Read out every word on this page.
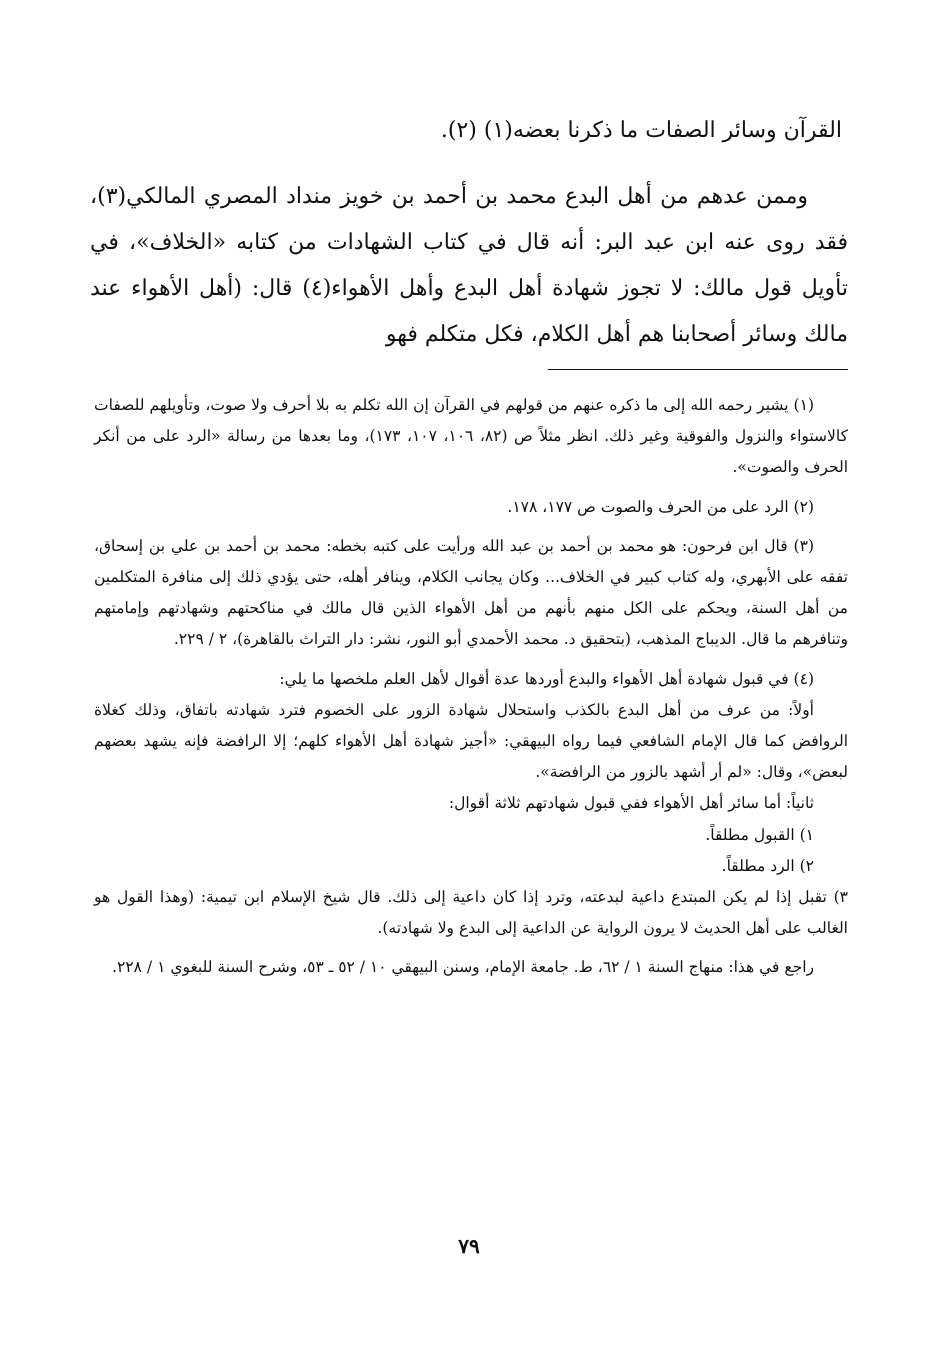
القرآن وسائر الصفات ما ذكرنا بعضه(١) (٢).

وممن عدهم من أهل البدع محمد بن أحمد بن خويز منداد المصري المالكي(٣)، فقد روى عنه ابن عبد البر: أنه قال في كتاب الشهادات من كتابه «الخلاف»، في تأويل قول مالك: لا تجوز شهادة أهل البدع وأهل الأهواء(٤) قال: (أهل الأهواء عند مالك وسائر أصحابنا هم أهل الكلام، فكل متكلم فهو

(١) يشير رحمه الله إلى ما ذكره عنهم من قولهم في القرآن إن الله تكلم به بلا أحرف ولا صوت، وتأويلهم للصفات كالاستواء والنزول والفوقية وغير ذلك. انظر مثلاً ص (٨٢، ١٠٦، ١٠٧، ١٧٣)، وما بعدها من رسالة «الرد على من أنكر الحرف والصوت».

(٢) الرد على من الحرف والصوت ص ١٧٧، ١٧٨.

(٣) قال ابن فرحون: هو محمد بن أحمد بن عبد الله ورأيت على كتبه بخطه: محمد بن أحمد بن علي بن إسحاق، تفقه على الأبهري، وله كتاب كبير في الخلاف... وكان يجانب الكلام، وينافر أهله، حتى يؤدي ذلك إلى منافرة المتكلمين من أهل السنة، ويحكم على الكل منهم بأنهم من أهل الأهواء الذين قال مالك في مناكحتهم وشهادتهم وإمامتهم وتنافرهم ما قال. الديباج المذهب، (بتحقيق د. محمد الأحمدي أبو النور، نشر: دار التراث بالقاهرة)، ٢ / ٢٢٩.

(٤) في قبول شهادة أهل الأهواء والبدع أوردها عدة أقوال لأهل العلم ملخصها ما يلي:

أولاً: من عرف من أهل البدع بالكذب واستحلال شهادة الزور على الخصوم فترد شهادته باتفاق، وذلك كغلاة الروافض كما قال الإمام الشافعي فيما رواه البيهقي: «أجيز شهادة أهل الأهواء كلهم؛ إلا الرافضة فإنه يشهد بعضهم لبعض»، وقال: «لم أر أشهد بالزور من الرافضة».

ثانياً: أما سائر أهل الأهواء ففي قبول شهادتهم ثلاثة أقوال:

١) القبول مطلقاً.

٢) الرد مطلقاً.

٣) تقبل إذا لم يكن المبتدع داعية لبدعته، وترد إذا كان داعية إلى ذلك. قال شيخ الإسلام ابن تيمية: (وهذا القول هو الغالب على أهل الحديث لا يرون الرواية عن الداعية إلى البدع ولا شهادته).

راجع في هذا: منهاج السنة ١ / ٦٢، ط. جامعة الإمام، وسنن البيهقي ١٠ / ٥٢ ـ ٥٣، وشرح السنة للبغوي ١ / ٢٢٨.

٧٩
